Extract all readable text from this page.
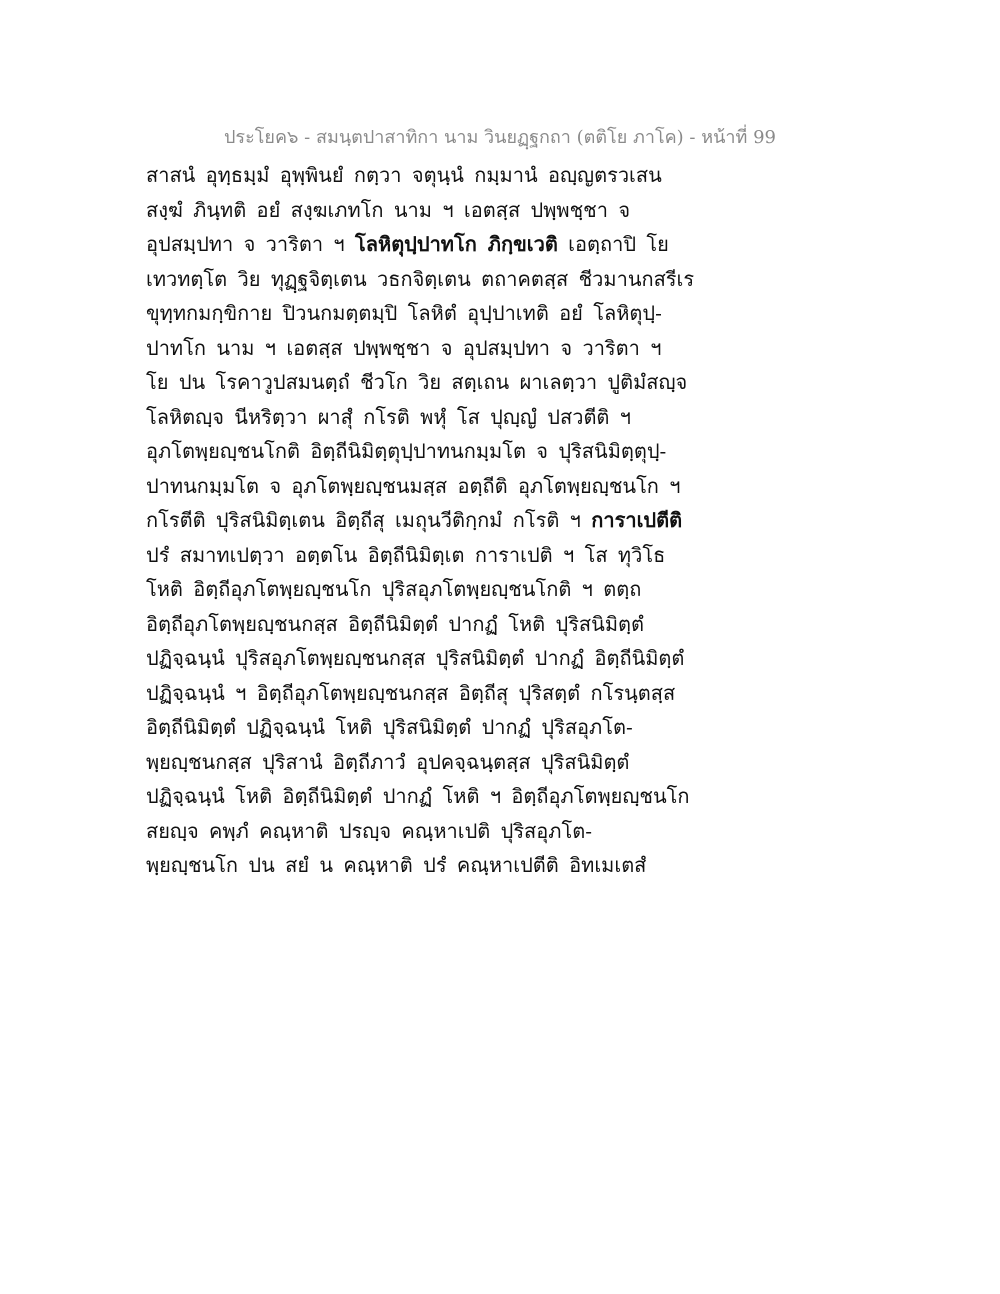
ประโยค๖ - สมนฺตปาสาทิกา นาม วินยฏฺฐกถา (ตติโย ภาโค) - หน้าที่ 99
สาสนํ อุทฺธมฺมํ อุพฺพินยํ กตฺวา จตุนฺนํ กมฺมานํ อญฺญตรวเสน
สงฺฆํ ภินฺทติ อยํ สงฺฆเภทโก นาม ฯ เอตสฺส ปพฺพชฺชา จ
อุปสมฺปทา จ วาริตา ฯ โลหิตุปฺปาทโก ภิกฺขเวติ เอตฺถาปิ โย
เทวทตฺโต วิย ทุฏฺฐจิตฺเตน วธกจิตฺเตน ตถาคตสฺส ชีวมานกสรีเร
ขุทฺทกมกฺขิกาย ปิวนกมตฺตมฺปิ โลหิตํ อุปฺปาเทติ อยํ โลหิตุปฺ-
ปาทโก นาม ฯ เอตสฺส ปพฺพชฺชา จ อุปสมฺปทา จ วาริตา ฯ
โย ปน โรคาวูปสมนตฺถํ ชีวโก วิย สตฺเถน ผาเลตฺวา ปูติมํสญฺจ
โลหิตญฺจ นีหริตฺวา ผาสุํ กโรติ พหุํ โส ปุญฺญํ ปสวตีติ ฯ
อุภโตพฺยญฺชนโกติ อิตฺถีนิมิตฺตุปฺปาทนกมฺมโต จ ปุริสนิมิตฺตุปฺ-
ปาทนกมฺมโต จ อุภโตพฺยญฺชนมสฺส อตฺถีติ อุภโตพฺยญฺชนโก ฯ
กโรตีติ ปุริสนิมิตฺเตน อิตฺถีสุ เมถุนวีติกฺกมํ กโรติ ฯ การาเปตีติ
ปรํ สมาทเปตฺวา อตฺตโน อิตฺถีนิมิตฺเต การาเปติ ฯ โส ทุวิโธ
โหติ อิตฺถีอุภโตพฺยญฺชนโก ปุริสอุภโตพฺยญฺชนโกติ ฯ ตตฺถ
อิตฺถีอุภโตพฺยญฺชนกสฺส อิตฺถีนิมิตฺตํ ปากฏํ โหติ ปุริสนิมิตฺตํ
ปฏิจฺฉนฺนํ ปุริสอุภโตพฺยญฺชนกสฺส ปุริสนิมิตฺตํ ปากฏํ อิตฺถีนิมิตฺตํ
ปฏิจฺฉนฺนํ ฯ อิตฺถีอุภโตพฺยญฺชนกสฺส อิตฺถีสุ ปุริสตฺตํ กโรนฺตสฺส
อิตฺถีนิมิตฺตํ ปฏิจฺฉนฺนํ โหติ ปุริสนิมิตฺตํ ปากฏํ ปุริสอุภโต-
พฺยญฺชนกสฺส ปุริสานํ อิตฺถีภาวํ อุปคจฺฉนฺตสฺส ปุริสนิมิตฺตํ
ปฏิจฺฉนฺนํ โหติ อิตฺถีนิมิตฺตํ ปากฏํ โหติ ฯ อิตฺถีอุภโตพฺยญฺชนโก
สยญฺจ คพฺภํ คณฺหาติ ปรญฺจ คณฺหาเปติ ปุริสอุภโต-
พฺยญฺชนโก ปน สยํ น คณฺหาติ ปรํ คณฺหาเปตีติ อิทเมเตสํ
